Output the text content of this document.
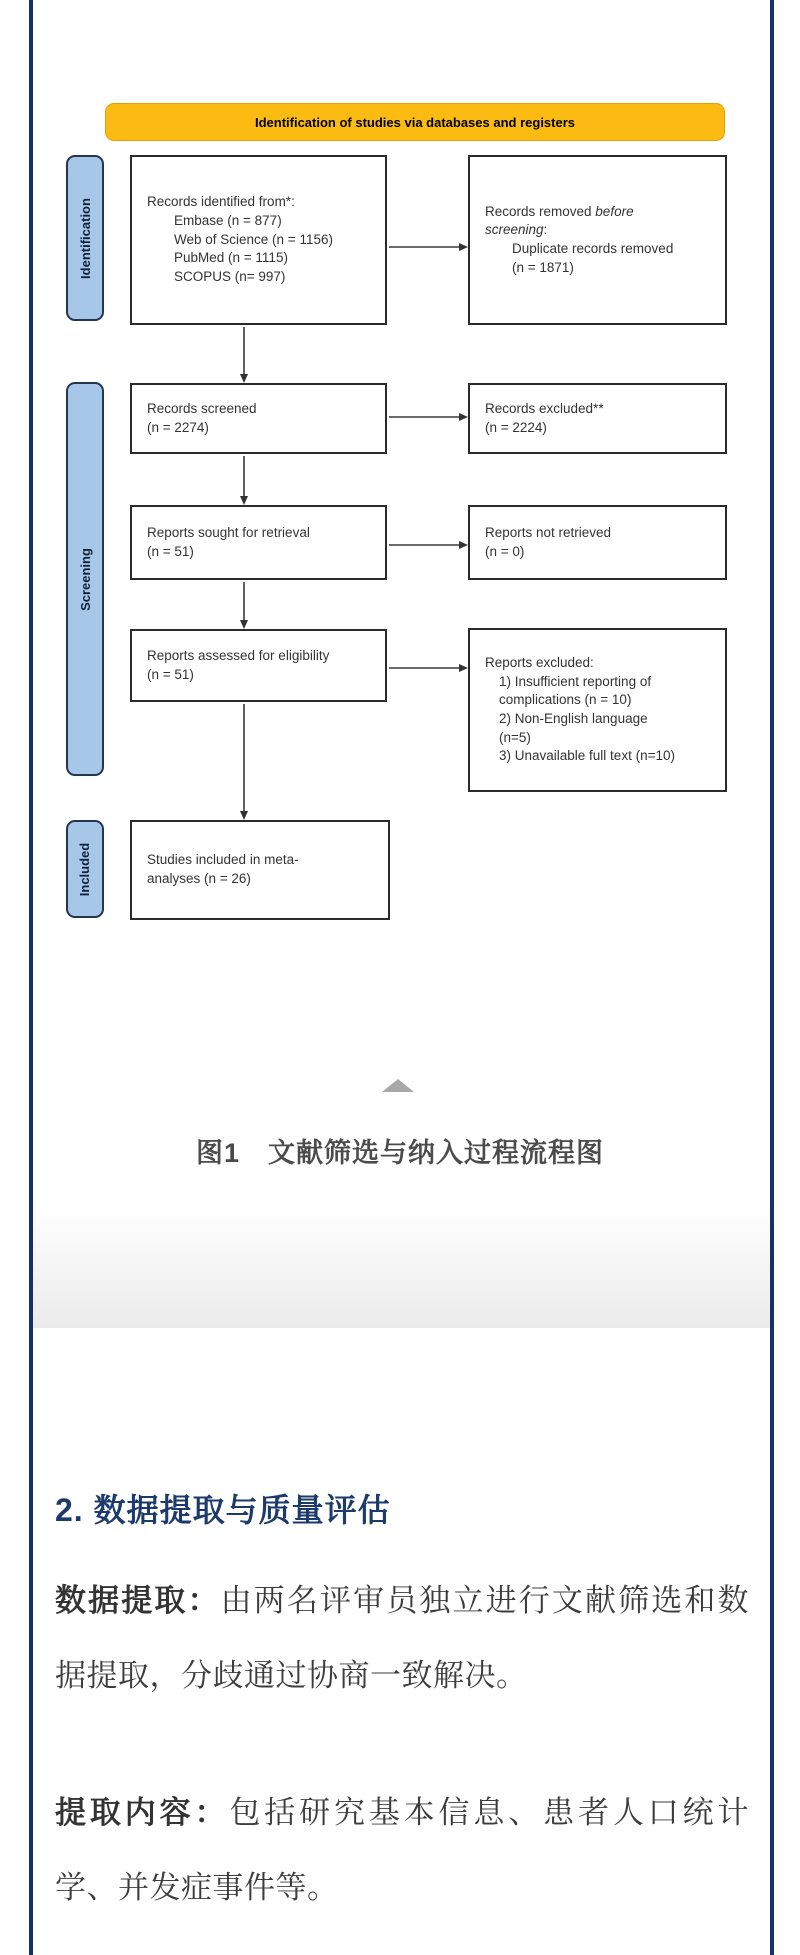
Identification of studies via databases and registers
Identification
Screening
Included
Records identified from*:
Embase (n = 877)
Web of Science (n = 1156)
PubMed (n = 1115)
SCOPUS (n= 997)
Records removed before
screening:
Duplicate records removed
(n = 1871)
Records screened
(n = 2274)
Records excluded**
(n = 2224)
Reports sought for retrieval
(n = 51)
Reports not retrieved
(n = 0)
Reports assessed for eligibility
(n = 51)
Reports excluded:
1) Insufficient reporting of
complications (n = 10)
2) Non-English language
(n=5)
3) Unavailable full text (n=10)
Studies included in meta-
analyses (n = 26)
图1　文献筛选与纳入过程流程图
2. 数据提取与质量评估
数据提取：由两名评审员独立进行文献筛选和数
据提取，分歧通过协商一致解决。
提取内容：包括研究基本信息、患者人口统计
学、并发症事件等。
